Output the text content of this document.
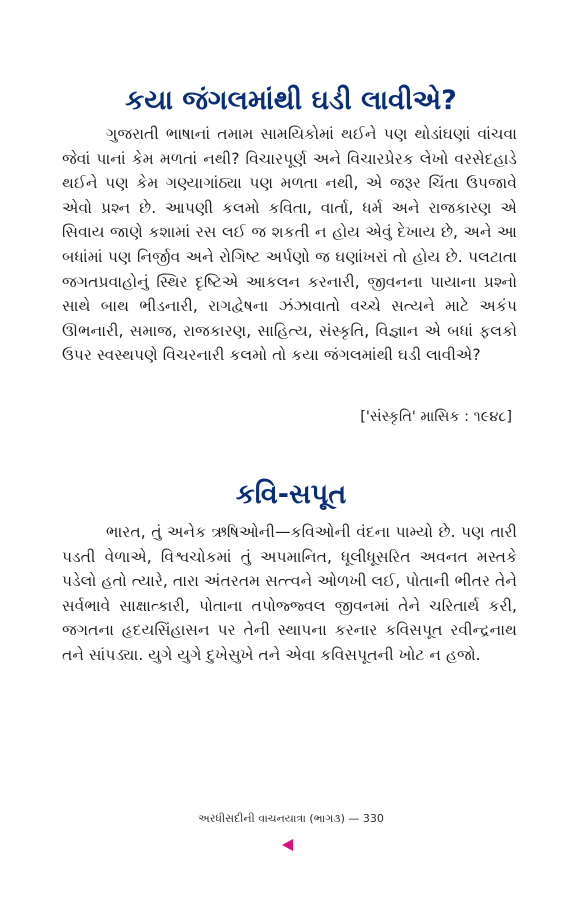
કયા જંગલમાંથી ઘડી લાવીએ?

ગુજરાતી ભાષાનાં તમામ સામયિકોમાં થઈને પણ થોડાંઘણાં વાંચવા જેવાં પાનાં કેમ મળતાં નથી? વિચારપૂર્ણ અને વિચારપ્રેરક લેખો વરસેદહાડે થઈને પણ કેમ ગણ્યાગાંઠ્યા પણ મળતા નથી, એ જરૂર ચિંતા ઉપજાવે એવો પ્રશ્ન છે. આપણી કલમો કવિતા, વાર્તા, ધર્મ અને રાજકારણ એ સિવાય જાણે કશામાં રસ લઈ જ શકતી ન હોય એવું દેખાય છે, અને આ બધાંમાં પણ નિર્જીવ અને રોગિષ્ટ અર્પણો જ ઘણાંખરાં તો હોય છે. પલટાતા જગતપ્રવાહોનું સ્થિર દૃષ્ટિએ આકલન કરનારી, જીવનના પાયાના પ્રશ્નો સાથે બાથ ભીડનારી, રાગદ્વેષના ઝંઝાવાતો વચ્ચે સત્યને માટે અકંપ ઊભનારી, સમાજ, રાજકારણ, સાહિત્ય, સંસ્કૃતિ, વિજ્ઞાન એ બધાં ફલકો ઉપર સ્વસ્થપણે વિચરનારી કલમો તો કયા જંગલમાંથી ઘડી લાવીએ?

['સંસ્કૃતિ' માસિક : ૧૯૪૮]

કવિ-સપૂત

ભારત, તું અનેક ઋષિઓની—કવિઓની વંદના પામ્યો છે. પણ તારી પડતી વેળાએ, વિશ્વચોકમાં તું અપમાનિત, ધૂલીધૂસરિત અવનત મસ્તકે પડેલો હતો ત્યારે, તારા અંતરતમ સત્ત્વને ઓળખી લઈ, પોતાની ભીતર તેને સર્વભાવે સાક્ષાત્કારી, પોતાના તપોજ્જ્વલ જીવનમાં તેને ચરિતાર્થ કરી, જગતના હૃદયસિંહાસન પર તેની સ્થાપના કરનાર કવિસપૂત રવીન્દ્રનાથ તને સાંપડ્યા. યુગે યુગે દુખેસુખે તને એવા કવિસપૂતની ખોટ ન હજો.

અરધીસદીની વાચનયાત્રા (ભાગ૩) — 330
